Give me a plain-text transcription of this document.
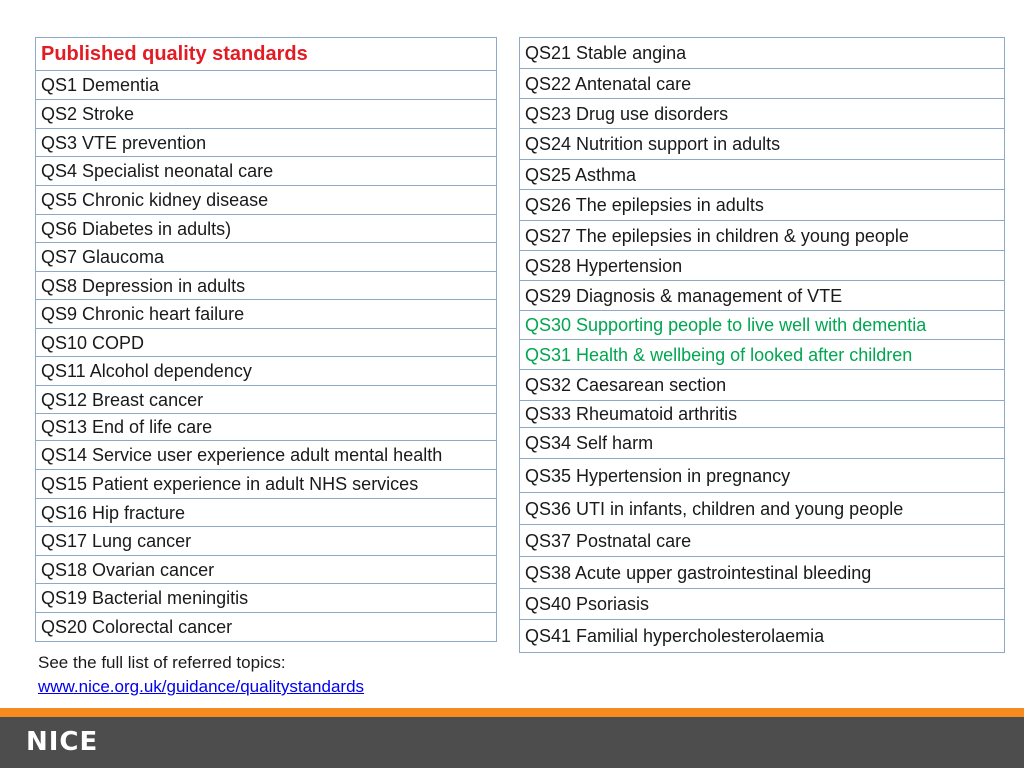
Published quality standards
QS1 Dementia
QS2 Stroke
QS3 VTE prevention
QS4 Specialist neonatal care
QS5 Chronic kidney disease
QS6 Diabetes in adults)
QS7 Glaucoma
QS8 Depression in adults
QS9 Chronic heart failure
QS10 COPD
QS11 Alcohol dependency
QS12 Breast cancer
QS13 End of life care
QS14 Service user experience adult mental health
QS15 Patient experience in adult NHS services
QS16 Hip fracture
QS17 Lung cancer
QS18 Ovarian cancer
QS19 Bacterial meningitis
QS20 Colorectal cancer
QS21 Stable angina
QS22 Antenatal care
QS23 Drug use disorders
QS24 Nutrition support in adults
QS25 Asthma
QS26 The epilepsies in adults
QS27 The epilepsies in children & young people
QS28 Hypertension
QS29 Diagnosis & management of VTE
QS30 Supporting people to live well with dementia
QS31 Health & wellbeing of looked after children
QS32 Caesarean section
QS33 Rheumatoid arthritis
QS34 Self harm
QS35 Hypertension in pregnancy
QS36 UTI in infants, children and young people
QS37 Postnatal care
QS38 Acute upper gastrointestinal bleeding
QS40 Psoriasis
QS41 Familial hypercholesterolaemia
See the full list of referred topics:
www.nice.org.uk/guidance/qualitystandards
NICE
